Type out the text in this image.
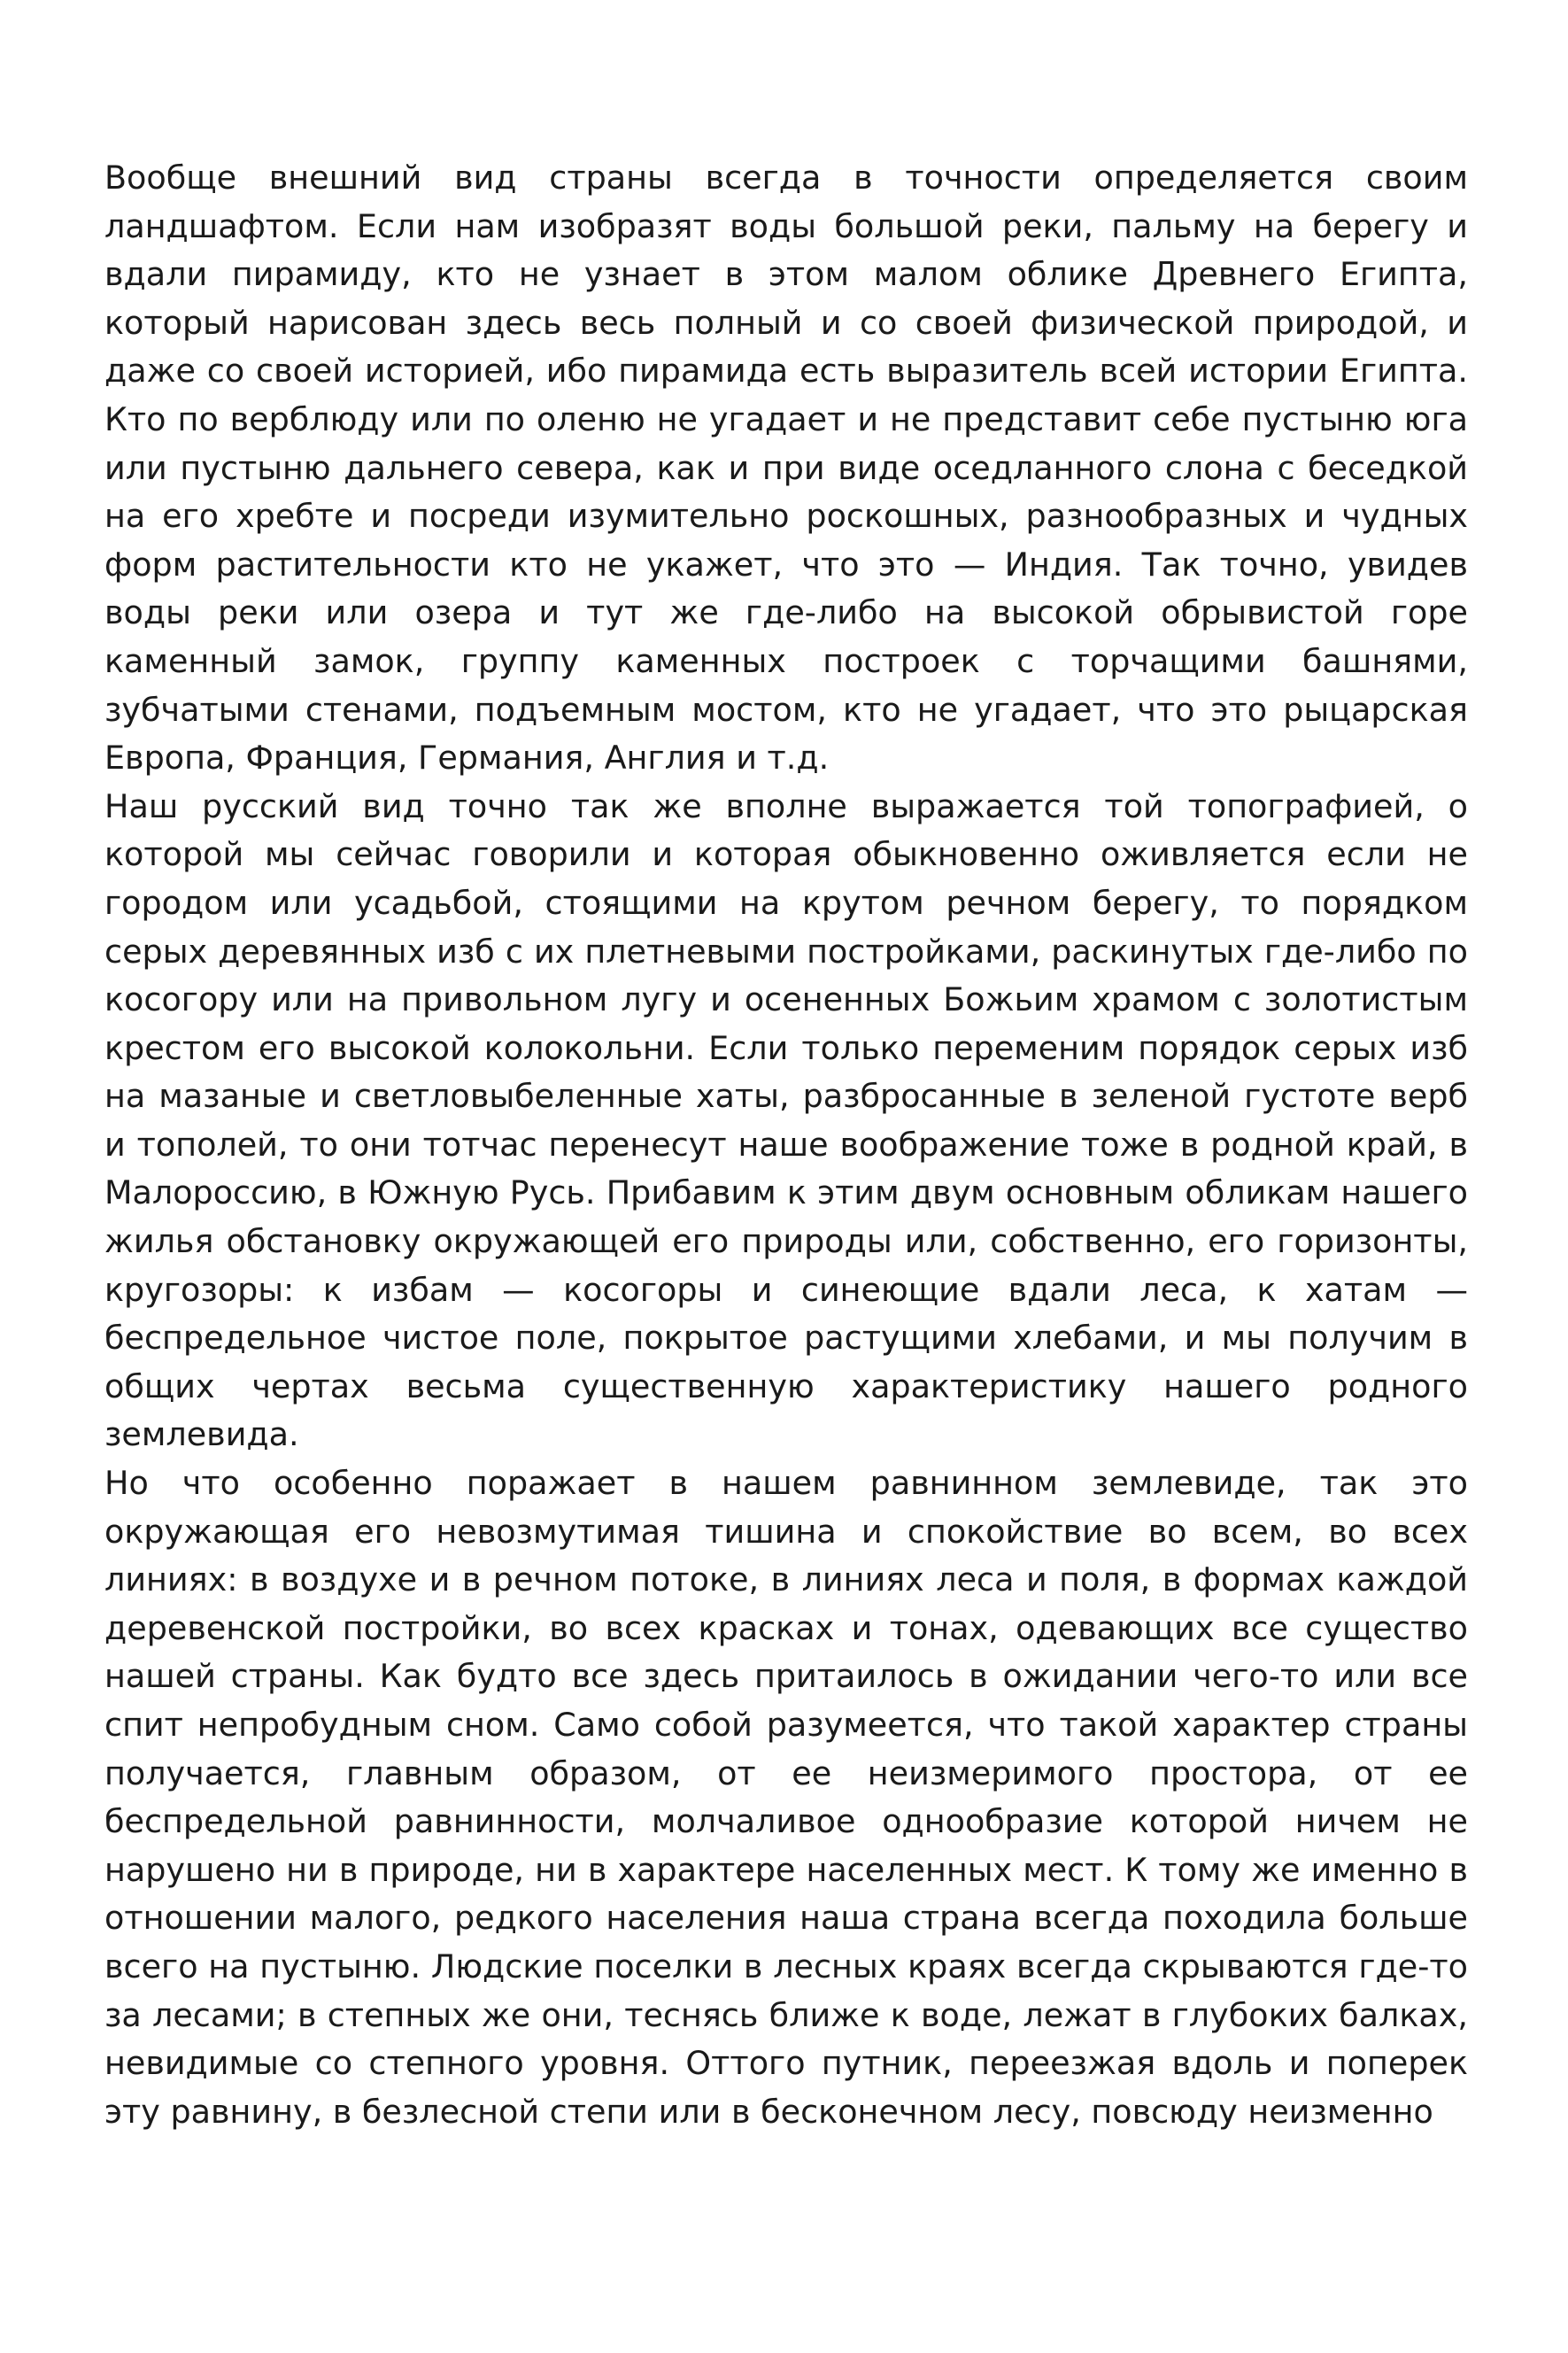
Вообще внешний вид страны всегда в точности определяется своим ландшафтом. Если нам изобразят воды большой реки, пальму на берегу и вдали пирамиду, кто не узнает в этом малом облике Древнего Египта, который нарисован здесь весь полный и со своей физической природой, и даже со своей историей, ибо пирамида есть выразитель всей истории Египта. Кто по верблюду или по оленю не угадает и не представит себе пустыню юга или пустыню дальнего севера, как и при виде оседланного слона с беседкой на его хребте и посреди изумительно роскошных, разнообразных и чудных форм растительности кто не укажет, что это — Индия. Так точно, увидев воды реки или озера и тут же где-либо на высокой обрывистой горе каменный замок, группу каменных построек с торчащими башнями, зубчатыми стенами, подъемным мостом, кто не угадает, что это рыцарская Европа, Франция, Германия, Англия и т.д.

Наш русский вид точно так же вполне выражается той топографией, о которой мы сейчас говорили и которая обыкновенно оживляется если не городом или усадьбой, стоящими на крутом речном берегу, то порядком серых деревянных изб с их плетневыми постройками, раскинутых где-либо по косогору или на привольном лугу и осененных Божьим храмом с золотистым крестом его высокой колокольни. Если только переменим порядок серых изб на мазаные и светловыбеленные хаты, разбросанные в зеленой густоте верб и тополей, то они тотчас перенесут наше воображение тоже в родной край, в Малороссию, в Южную Русь. Прибавим к этим двум основным обликам нашего жилья обстановку окружающей его природы или, собственно, его горизонты, кругозоры: к избам — косогоры и синеющие вдали леса, к хатам — беспредельное чистое поле, покрытое растущими хлебами, и мы получим в общих чертах весьма существенную характеристику нашего родного землевида.

Но что особенно поражает в нашем равнинном землевиде, так это окружающая его невозмутимая тишина и спокойствие во всем, во всех линиях: в воздухе и в речном потоке, в линиях леса и поля, в формах каждой деревенской постройки, во всех красках и тонах, одевающих все существо нашей страны. Как будто все здесь притаилось в ожидании чего-то или все спит непробудным сном. Само собой разумеется, что такой характер страны получается, главным образом, от ее неизмеримого простора, от ее беспредельной равнинности, молчаливое однообразие которой ничем не нарушено ни в природе, ни в характере населенных мест. К тому же именно в отношении малого, редкого населения наша страна всегда походила больше всего на пустыню. Людские поселки в лесных краях всегда скрываются где-то за лесами; в степных же они, теснясь ближе к воде, лежат в глубоких балках, невидимые со степного уровня. Оттого путник, переезжая вдоль и поперек эту равнину, в безлесной степи или в бесконечном лесу, повсюду неизменно
